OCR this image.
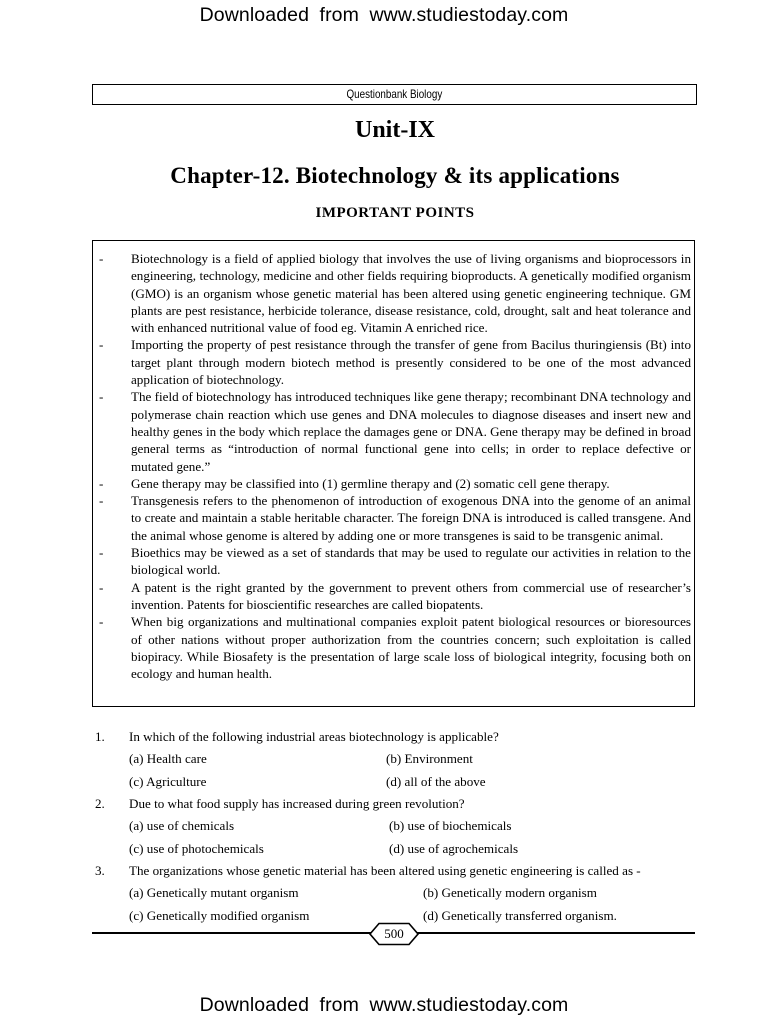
Downloaded from www.studiestoday.com
Questionbank Biology
Unit-IX
Chapter-12. Biotechnology & its applications
IMPORTANT POINTS
-	Biotechnology is a field of applied biology that involves the use of living organisms and bioprocessors in engineering, technology, medicine and other fields requiring bioproducts. A genetically modified organism (GMO) is an organism whose genetic material has been altered using genetic engineering technique. GM plants are pest resistance, herbicide tolerance, disease resistance, cold, drought, salt and heat tolerance and with enhanced nutritional value of food eg. Vitamin A enriched rice.
-	Importing the property of pest resistance through the transfer of gene from Bacilus thuringiensis (Bt) into target plant through modern biotech method is presently considered to be one of the most advanced application of biotechnology.
-	The field of biotechnology has introduced techniques like gene therapy; recombinant DNA technology and polymerase chain reaction which use genes and DNA molecules to diagnose diseases and insert new and healthy genes in the body which replace the damages gene or DNA. Gene therapy may be defined in broad general terms as “introduction of normal functional gene into cells; in order to replace defective or mutated gene.”
-	Gene therapy may be classified into (1) germline therapy and (2) somatic cell gene therapy.
-	Transgenesis refers to the phenomenon of introduction of exogenous DNA into the genome of an animal to create and maintain a stable heritable character. The foreign DNA is introduced is called transgene. And the animal whose genome is altered by adding one or more transgenes is said to be transgenic animal.
-	Bioethics may be viewed as a set of standards that may be used to regulate our activities in relation to the biological world.
-	A patent is the right granted by the government to prevent others from commercial use of researcher’s invention. Patents for bioscientific researches are called biopatents.
-	When big organizations and multinational companies exploit patent biological resources or bioresources of other nations without proper authorization from the countries concern; such exploitation is called biopiracy. While Biosafety is the presentation of large scale loss of biological integrity, focusing both on ecology and human health.
1.	In which of the following industrial areas biotechnology is applicable?
(a) Health care	(b) Environment
(c) Agriculture	(d) all of the above
2.	Due to what food supply has increased during green revolution?
(a) use of chemicals	(b) use of biochemicals
(c) use of photochemicals	(d) use of agrochemicals
3.	The organizations whose genetic material has been altered using genetic engineering is called as -
(a) Genetically mutant organism	(b) Genetically modern organism
(c) Genetically modified organism	(d) Genetically transferred organism.
500
Downloaded from www.studiestoday.com
